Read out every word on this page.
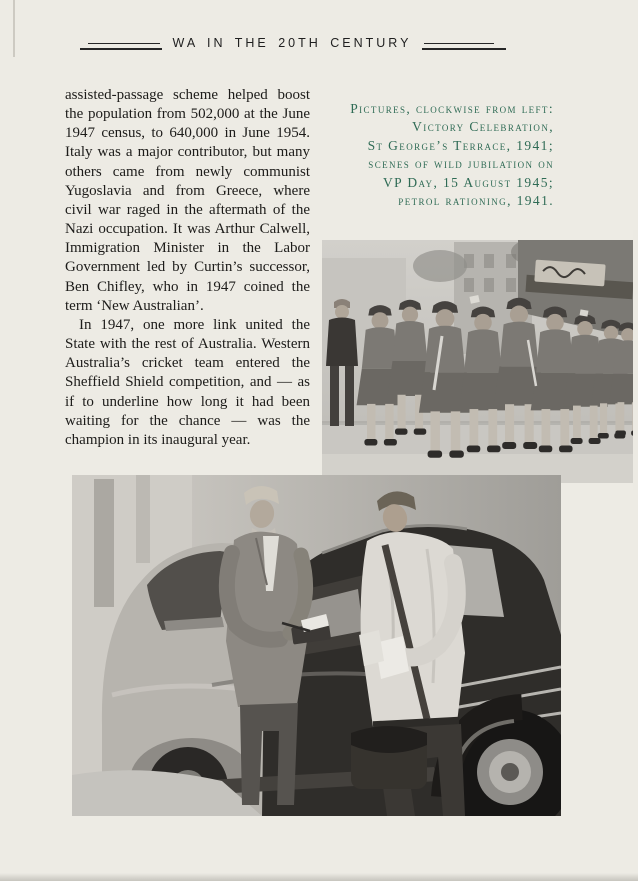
WA IN THE 20TH CENTURY

assisted-passage scheme helped boost the population from 502,000 at the June 1947 census, to 640,000 in June 1954. Italy was a major contributor, but many others came from newly communist Yugoslavia and from Greece, where civil war raged in the aftermath of the Nazi occupation. It was Arthur Calwell, Immigration Minister in the Labor Government led by Curtin’s successor, Ben Chifley, who in 1947 coined the term ‘New Australian’.

In 1947, one more link united the State with the rest of Australia. Western Australia’s cricket team entered the Sheffield Shield competition, and — as if to underline how long it had been waiting for the chance — was the champion in its inaugural year.

Pictures, clockwise from left:
Victory Celebration,
St George’s Terrace, 1941;
scenes of wild jubilation on
VP Day, 15 August 1945;
petrol rationing, 1941.
